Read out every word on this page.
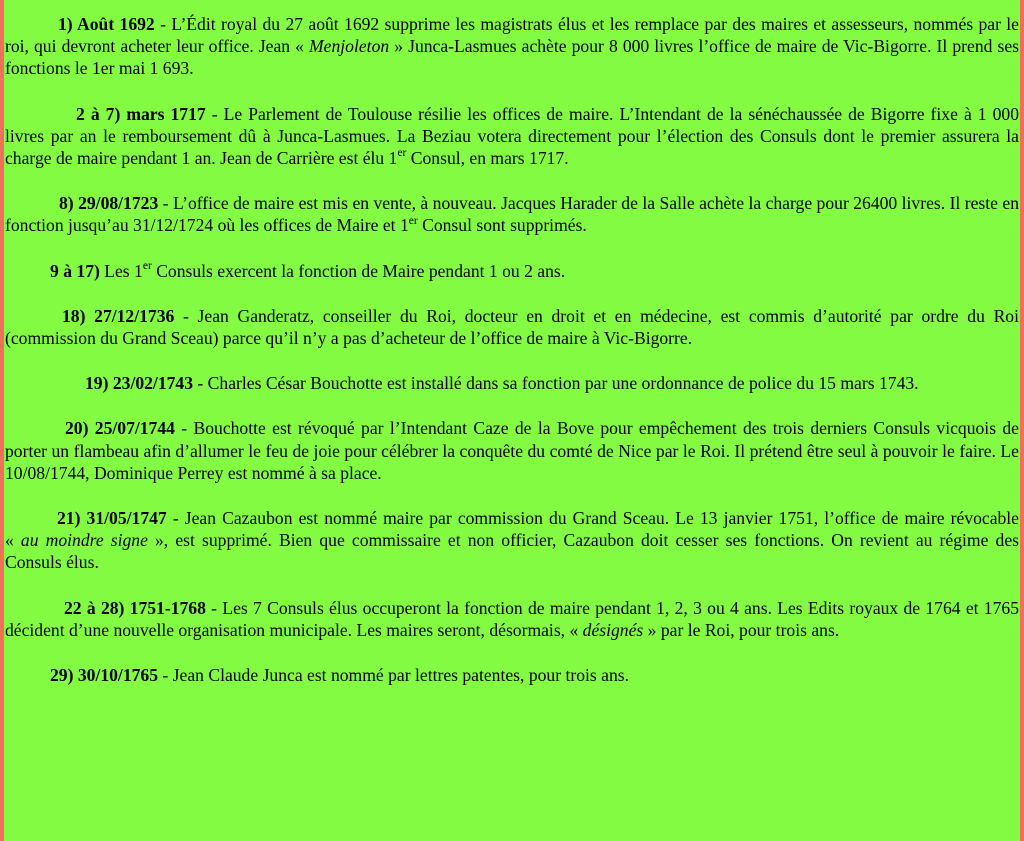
1) Août 1692 - L’Édit royal du 27 août 1692 supprime les magistrats élus et les remplace par des maires et assesseurs, nommés par le roi, qui devront acheter leur office. Jean « Menjoleton » Junca-Lasmues achète pour 8 000 livres l’office de maire de Vic-Bigorre. Il prend ses fonctions le 1er mai 1 693.

2 à 7) mars 1717 - Le Parlement de Toulouse résilie les offices de maire. L’Intendant de la sénéchaussée de Bigorre fixe à 1 000 livres par an le remboursement dû à Junca-Lasmues. La Beziau votera directement pour l’élection des Consuls dont le premier assurera la charge de maire pendant 1 an. Jean de Carrière est élu 1er Consul, en mars 1717.

8) 29/08/1723 - L’office de maire est mis en vente, à nouveau. Jacques Harader de la Salle achète la charge pour 26400 livres. Il reste en fonction jusqu’au 31/12/1724 où les offices de Maire et 1er Consul sont supprimés.

9 à 17) Les 1er Consuls exercent la fonction de Maire pendant 1 ou 2 ans.

18) 27/12/1736 - Jean Ganderatz, conseiller du Roi, docteur en droit et en médecine, est commis d’autorité par ordre du Roi (commission du Grand Sceau) parce qu’il n’y a pas d’acheteur de l’office de maire à Vic-Bigorre.

19) 23/02/1743 - Charles César Bouchotte est installé dans sa fonction par une ordonnance de police du 15 mars 1743.

20) 25/07/1744 - Bouchotte est révoqué par l’Intendant Caze de la Bove pour empêchement des trois derniers Consuls vicquois de porter un flambeau afin d’allumer le feu de joie pour célébrer la conquête du comté de Nice par le Roi. Il prétend être seul à pouvoir le faire. Le 10/08/1744, Dominique Perrey est nommé à sa place.

21) 31/05/1747 - Jean Cazaubon est nommé maire par commission du Grand Sceau. Le 13 janvier 1751, l’office de maire révocable « au moindre signe », est supprimé. Bien que commissaire et non officier, Cazaubon doit cesser ses fonctions. On revient au régime des Consuls élus.

22 à 28) 1751-1768 - Les 7 Consuls élus occuperont la fonction de maire pendant 1, 2, 3 ou 4 ans. Les Edits royaux de 1764 et 1765 décident d’une nouvelle organisation municipale. Les maires seront, désormais, « désignés » par le Roi, pour trois ans.

29) 30/10/1765 - Jean Claude Junca est nommé par lettres patentes, pour trois ans.
